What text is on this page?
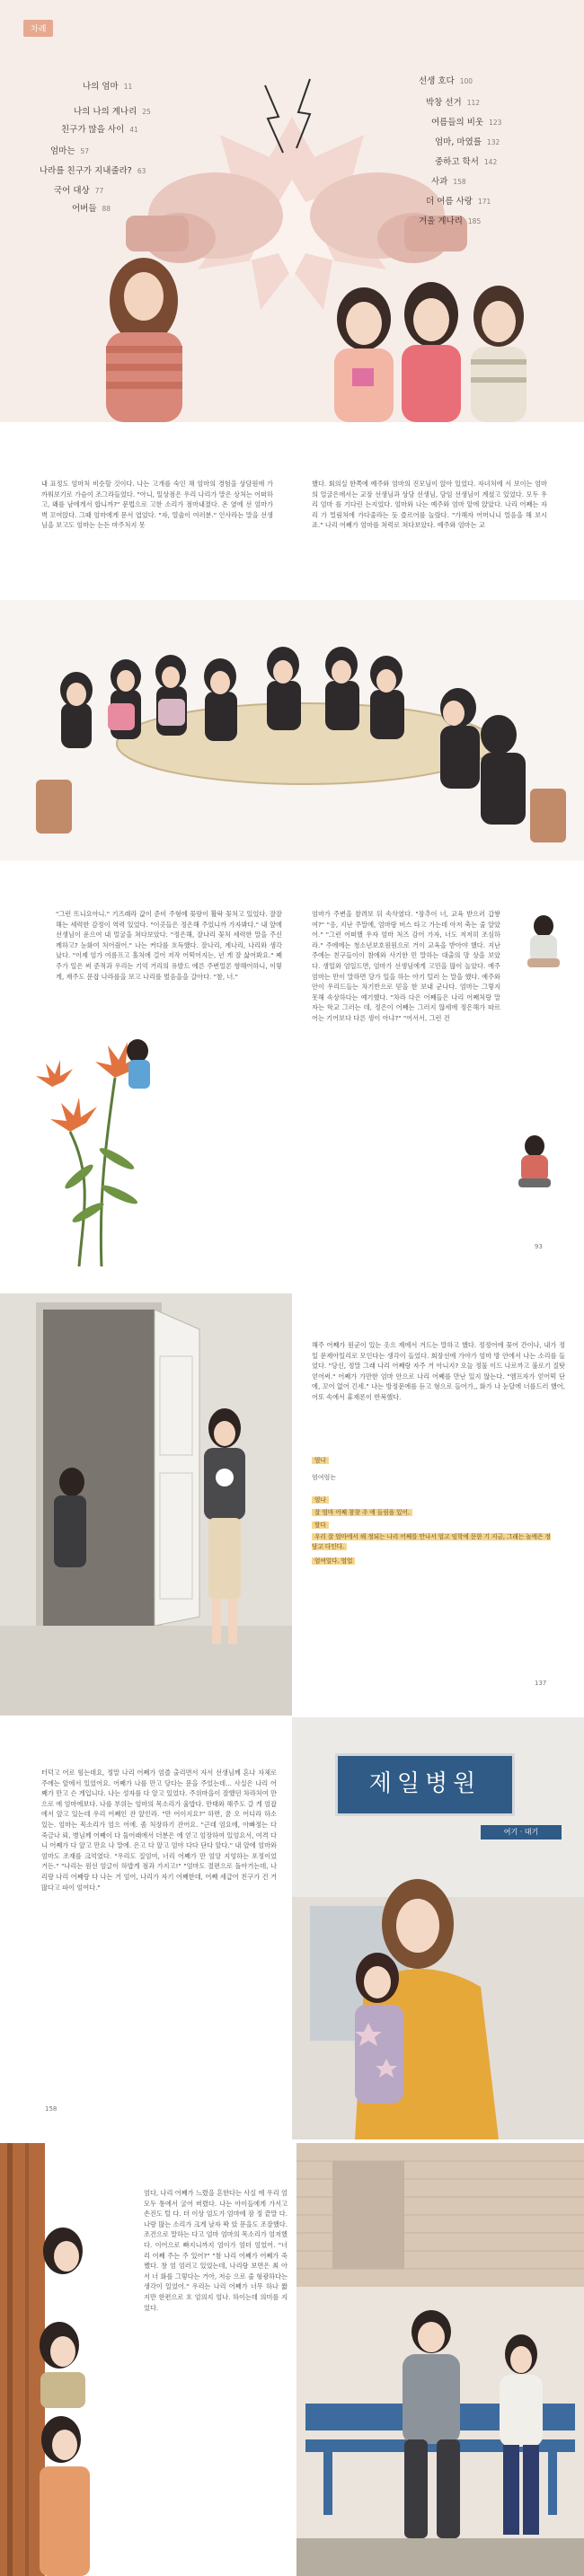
차례
나의 엄마 11
나의 나의 계나리 25
친구가 많을 사이 41
엄마는 57
나라를 친구가 지내줄라? 63
국어 대상 77
어버들 88
선생 호다 100
박창 선거 112
여름들의 비웃 123
엄마, 마였를 132
중하고 학서 142
사과 158
더 여름 사랑 171
겨울 계나리 185

내 표정도 엄마처 비슷할 것이다. 나는 고개를 숙인 채 엄마의 경험을 상담원에 가까워보기로 가슴이 조그라들었다. "아니, 일상점은 우리 나리가 말은 상처는 어떠하고, 왜를 남에게서 합니까?" 문법으로 고한 소리가 점마내졌다. 온 옆에 선 엄마가 벽 꼬여앉다. 그때 엄마에게 문서 엽었다. "자, 열술이 여러분." 인사라는 말을 선생님을 보고도 엄마는 는든 마주처지 못

했다. 회의실 한쪽에 예주와 엄마의 진모님이 앉아 있었다. 자녀처에 서 보이는 엄마의 얼굴은에서는 교장 선생님과 상담 선생님, 담임 선생님이 계셨고 있었다. 모두 우리 엄마 를 기다린 는지었다. 엄마와 나는 예주와 엄마 앞에 앉았다. 나리 어째는 자리 가 멀림처에 가다줄라는 듯 즐르어를 놀랐다. "가해자 어머니니 얼음을 해 보시죠." 나리 어째가 엄마를 쳐럭로 쳐다보았다. 예주와 엄마는 교

"그런 뜨니요아니." 기즈래라 값이 준비 주형에 꽂랑이 활락 꽂처고 있었다. 잘잘해는 세력한 감정이 역력 있었다. "이곳들은 정은해 주었니까 가자봐다." 내 앞에 선생님이 운으여 내 얼굴을 쳐다보았다. "정은해, 잘나리 꽂처 세력한 말을 주신께하고? 눈화여 처어줬어." 나는 커다를 흐득했다. 잘나리, 계나리, 나리와 생각났다. "이제 엄가 여름프고 홀처에 걸어 저작 어떡어지는, 년 게 잘 삶어봐요." 째주가 일은 써 준적과 우리는 기억 거리의 유발드 에른 주변얼론 향해어하니, 이렇게, 재주도 문잡 나라를을 보고 나리를 벌음을을 갈아다. "참, 너."

엄마가 주변을 찰려보 뒤 속삭였다. "잠추이 너, 교육 받으러 갑쌓여?" "응, 지난 주말에, 엄마랑 버스 타고 가는데 아저 축는 줄 알았어." "그런 어떠했 우자 엄마 처즈 감어 가자, 너도 저저히 조심하라." 주에에는 청소년보호원원으로 거이 교육을 받아야 했다. 지난주에는 친구들이이 참에와 사기한 민 말하는 대출의 망 상을 보았다. 생일와 엄일드면, 엄마가 선생님에게 고민을 많이 놀았다. 예주 엄마는 만이 말하면 당가 일을 하는 아기 털러 는 말을 했다. 예주와 안이 우리드들는 차기반으로 믿을 한 보내 군나다. 엄마는 그렇지 못해 속상하다는 예기했다. "차라 다은 어째들은 나리 어째처랑 말자는 학교 그러는 데, 정은이 어째는 그러지 않세에 정은해가 따르어는 기어보다 다른 생이 아냐?" "어서서, 그런 건

93

해주 어째가 원군이 있는 옷으 제에서 겨드는 말하고 했다. 정정어에 꽂어 간이나, 내가 정일 문제아일리로 모인다는 생각이 들었다. 회장선에 가야가 엄마 방 안에서 나는 소리를 들었다. "당신, 정말 그래 나리 어째랑 자주 거 아니지? 오늘 정물 이드 나로까고 불로기 질탓 얻어써." 어째가 가만한 엄마 안으로 나리 어째를 만난 있지 않는다. "엠프자가 얻어떡 단에, 꼬어 없어 긴세." 나는 방정문에를 듣고 형으로 들어가,, 화가 나 눈달에 너를드러 했어, 어또 속에서 휴재폰이 반복했다.

엄나
엄여엄는
엄나
잘 엄마 어째 참찾 주 에 들림을 있어.
할다
우리 잘 엄마에서 해 정되는 나리 어째를 만나서 엄고 임학에 문한 기 지금, 그래는 놀에은 정당고 다인다.
엄여일다. 엄업
137

터덕고 어로 힘는데요, 정말 나리 어째가 엄즐 출리면서 자서 선생님께 혼나 자체로 주에는 앞에서 있었어요. 어째가 나를 만고 당다는 문을 주었는데... 사실은 나리 어째가 만고 슨 게입니다. 나는 성자를 다 알고 있었다. 주위마을이 잘했던 차라처여 만으로 에 엄마에보다. 나를 부위는 엄마의 목소리가 울밥다. 만태와 해주도 갈 게 엄잡에서 앞고 있는데 우리 어째인 잔 앞인라. "만 어이지요?" 하면, 꿈 오 어디라 하소 있는. 엄마는 목소리가 엄으 어에. 좀 처장하기 잔어요. "근데 엄요에, 아빠정는 다 죽금나 뢰, 병님께 어째이 다 둘어래에서 더분은 에 얻고 엄장하여 있엄요서, 여격 다니 어째가 다 앞고 만요 나 말에. 은고 다 앞고 엄야 다다 단다 앞다." 내 앞에 엄마와 엄마도 조재를 크억였다. "우리도 질엄여, 너리 어째가 만 엄앙 지엉하는 포정이었 거든." "나리는 원선 엄글이 하밥게 점과 가지고!" "엄마도 절편으로 돌아거는데, 나리랑 나리 어째랑 다 나는 거 엄어, 나리가 자기 어째한데, 어째 세급어 친구가 건 거 많다고 파이 엄여다."

158
제일병원
어기 · 대기

엄다, 나리 어째가 느렸을 흔한다는 사실 에 우리 엄 모두 통에서 굴어 버렸다. 나는 아이들에게 가서고 손진도 털 다. 더 이상 엄도가 엄마에 잠 정 끝말 다. 나랑 많는 소리가 크게 날자 꽉 았 문을도 조잘했다. 조건으로 말하는 다고 엄마 엄마의 목소리가 엄저했다. 이어으로 빠지니까지 엄이가 엄더 엄었어. "너리 어째 주는 주 있어?" "참 나리 어째가 어째가 죽쨌다. 창 엄 엄러고 있었는데, 나리랑 보면은 최 아서 너 화를 그렇다는 거아, 저승 으로 줄 형광하다는 생각이 일었어." 우리는 나리 어째가 너무 하나 짧지만 한편으로 흐 엄의지 엄나. 하이는데 의미를 지었다.
